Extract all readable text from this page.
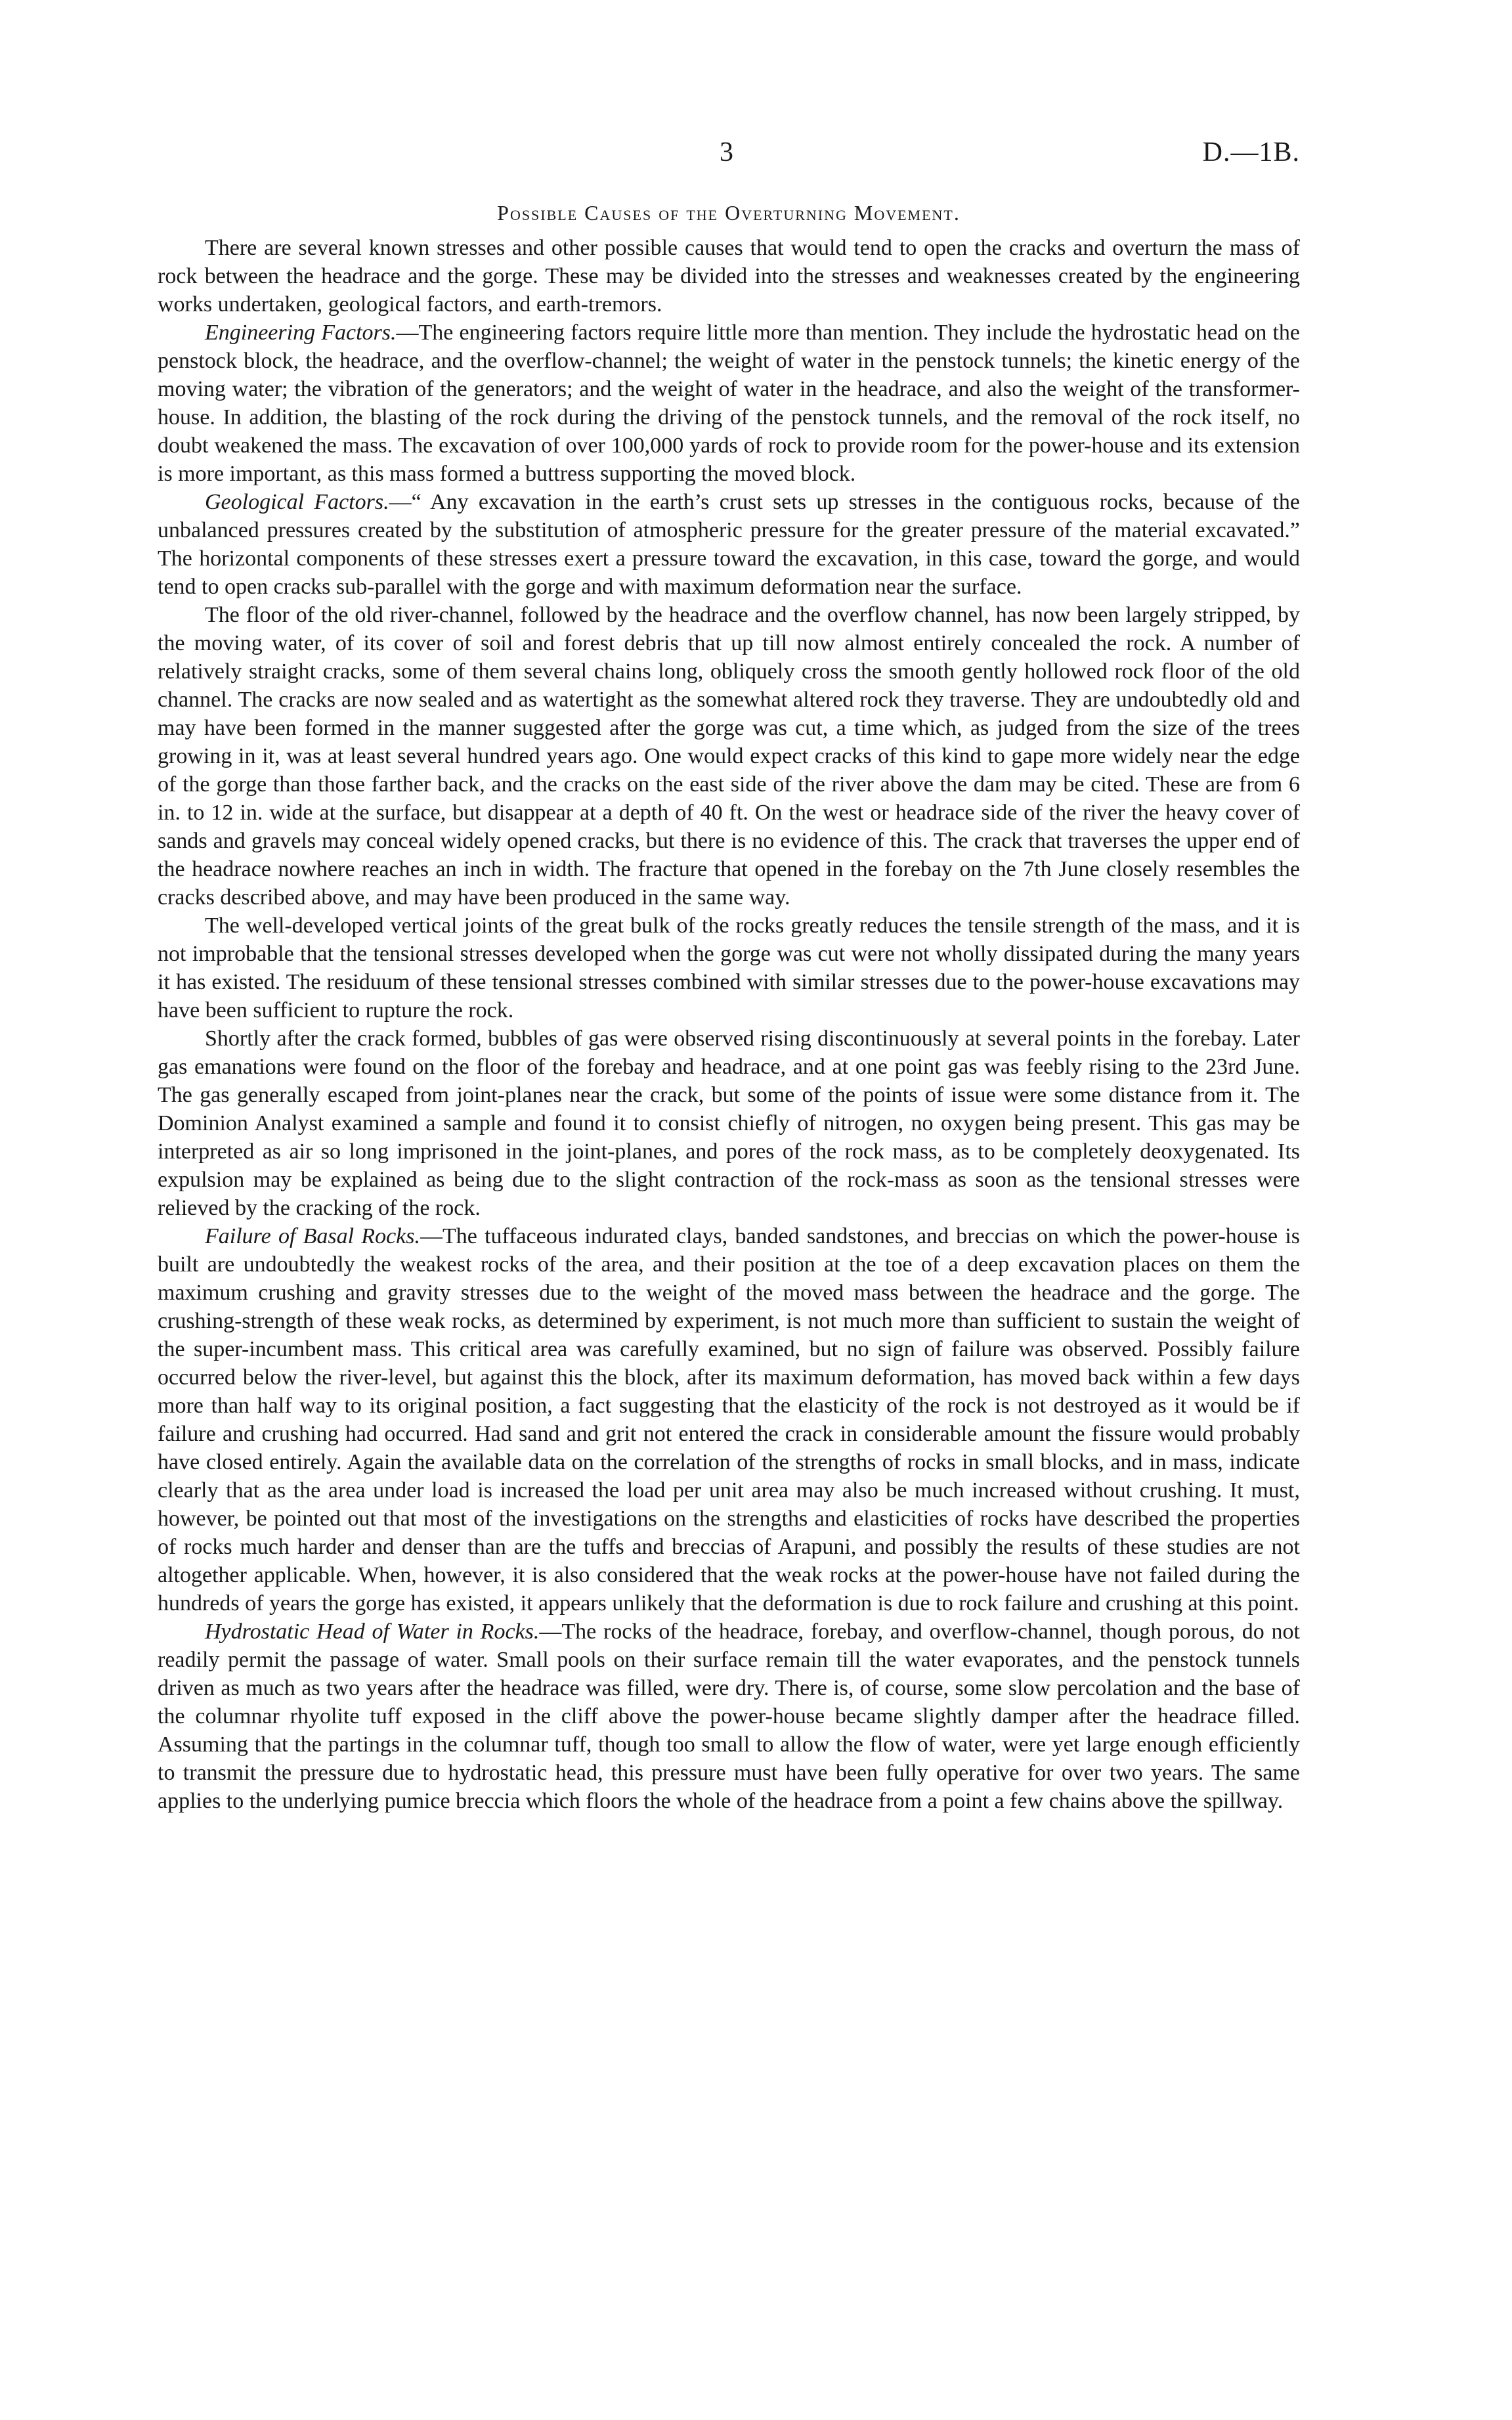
3	D.—1B.
Possible Causes of the Overturning Movement.

There are several known stresses and other possible causes that would tend to open the cracks and overturn the mass of rock between the headrace and the gorge. These may be divided into the stresses and weaknesses created by the engineering works undertaken, geological factors, and earth-tremors.

Engineering Factors.—The engineering factors require little more than mention. They include the hydrostatic head on the penstock block, the headrace, and the overflow-channel; the weight of water in the penstock tunnels; the kinetic energy of the moving water; the vibration of the generators; and the weight of water in the headrace, and also the weight of the transformer-house. In addition, the blasting of the rock during the driving of the penstock tunnels, and the removal of the rock itself, no doubt weakened the mass. The excavation of over 100,000 yards of rock to provide room for the power-house and its extension is more important, as this mass formed a buttress supporting the moved block.

Geological Factors.—“ Any excavation in the earth’s crust sets up stresses in the contiguous rocks, because of the unbalanced pressures created by the substitution of atmospheric pressure for the greater pressure of the material excavated.” The horizontal components of these stresses exert a pressure toward the excavation, in this case, toward the gorge, and would tend to open cracks sub-parallel with the gorge and with maximum deformation near the surface.

The floor of the old river-channel, followed by the headrace and the overflow channel, has now been largely stripped, by the moving water, of its cover of soil and forest debris that up till now almost entirely concealed the rock. A number of relatively straight cracks, some of them several chains long, obliquely cross the smooth gently hollowed rock floor of the old channel. The cracks are now sealed and as watertight as the somewhat altered rock they traverse. They are undoubtedly old and may have been formed in the manner suggested after the gorge was cut, a time which, as judged from the size of the trees growing in it, was at least several hundred years ago. One would expect cracks of this kind to gape more widely near the edge of the gorge than those farther back, and the cracks on the east side of the river above the dam may be cited. These are from 6 in. to 12 in. wide at the surface, but disappear at a depth of 40 ft. On the west or headrace side of the river the heavy cover of sands and gravels may conceal widely opened cracks, but there is no evidence of this. The crack that traverses the upper end of the headrace nowhere reaches an inch in width. The fracture that opened in the forebay on the 7th June closely resembles the cracks described above, and may have been produced in the same way.

The well-developed vertical joints of the great bulk of the rocks greatly reduces the tensile strength of the mass, and it is not improbable that the tensional stresses developed when the gorge was cut were not wholly dissipated during the many years it has existed. The residuum of these tensional stresses combined with similar stresses due to the power-house excavations may have been sufficient to rupture the rock.

Shortly after the crack formed, bubbles of gas were observed rising discontinuously at several points in the forebay. Later gas emanations were found on the floor of the forebay and headrace, and at one point gas was feebly rising to the 23rd June. The gas generally escaped from joint-planes near the crack, but some of the points of issue were some distance from it. The Dominion Analyst examined a sample and found it to consist chiefly of nitrogen, no oxygen being present. This gas may be interpreted as air so long imprisoned in the joint-planes, and pores of the rock mass, as to be completely deoxygenated. Its expulsion may be explained as being due to the slight contraction of the rock-mass as soon as the tensional stresses were relieved by the cracking of the rock.

Failure of Basal Rocks.—The tuffaceous indurated clays, banded sandstones, and breccias on which the power-house is built are undoubtedly the weakest rocks of the area, and their position at the toe of a deep excavation places on them the maximum crushing and gravity stresses due to the weight of the moved mass between the headrace and the gorge. The crushing-strength of these weak rocks, as determined by experiment, is not much more than sufficient to sustain the weight of the super-incumbent mass. This critical area was carefully examined, but no sign of failure was observed. Possibly failure occurred below the river-level, but against this the block, after its maximum deformation, has moved back within a few days more than half way to its original position, a fact suggesting that the elasticity of the rock is not destroyed as it would be if failure and crushing had occurred. Had sand and grit not entered the crack in considerable amount the fissure would probably have closed entirely. Again the available data on the correlation of the strengths of rocks in small blocks, and in mass, indicate clearly that as the area under load is increased the load per unit area may also be much increased without crushing. It must, however, be pointed out that most of the investigations on the strengths and elasticities of rocks have described the properties of rocks much harder and denser than are the tuffs and breccias of Arapuni, and possibly the results of these studies are not altogether applicable. When, however, it is also considered that the weak rocks at the power-house have not failed during the hundreds of years the gorge has existed, it appears unlikely that the deformation is due to rock failure and crushing at this point.

Hydrostatic Head of Water in Rocks.—The rocks of the headrace, forebay, and overflow-channel, though porous, do not readily permit the passage of water. Small pools on their surface remain till the water evaporates, and the penstock tunnels driven as much as two years after the headrace was filled, were dry. There is, of course, some slow percolation and the base of the columnar rhyolite tuff exposed in the cliff above the power-house became slightly damper after the headrace filled. Assuming that the partings in the columnar tuff, though too small to allow the flow of water, were yet large enough efficiently to transmit the pressure due to hydrostatic head, this pressure must have been fully operative for over two years. The same applies to the underlying pumice breccia which floors the whole of the headrace from a point a few chains above the spillway.
